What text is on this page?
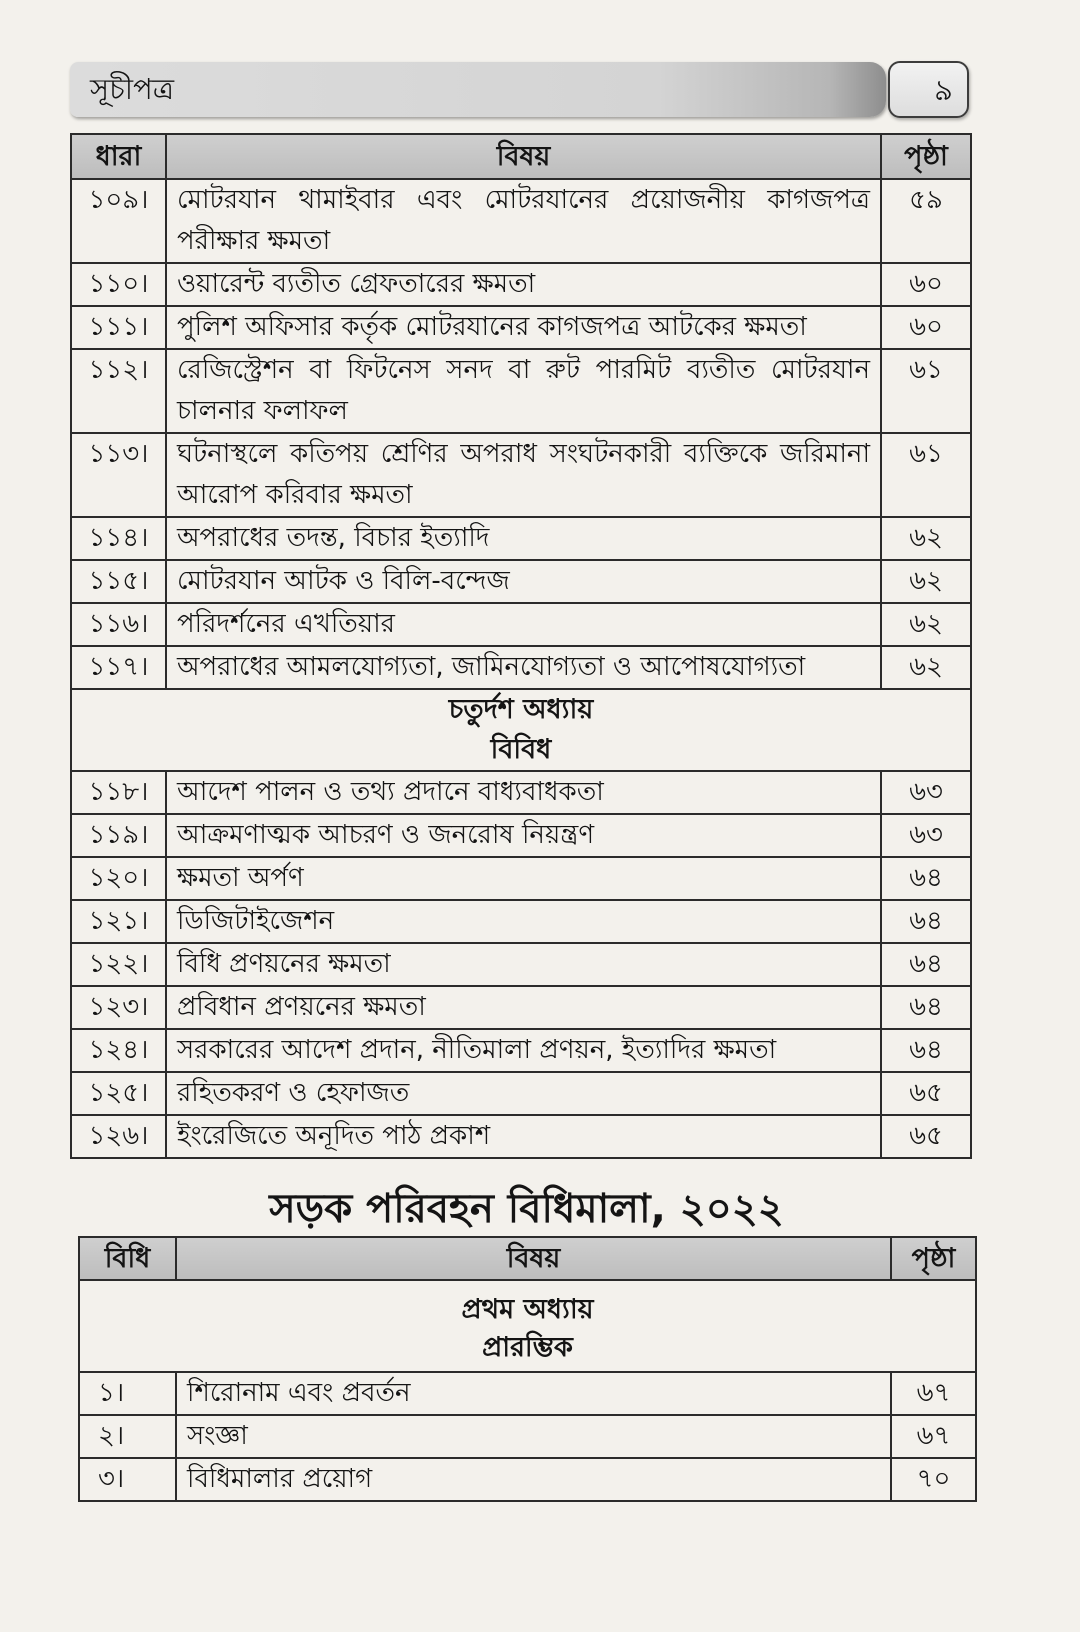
সূচীপত্র	৯
ধারা	বিষয়	পৃষ্ঠা
১০৯।	মোটরযান থামাইবার এবং মোটরযানের প্রয়োজনীয় কাগজপত্র পরীক্ষার ক্ষমতা	৫৯
১১০।	ওয়ারেন্ট ব্যতীত গ্রেফতারের ক্ষমতা	৬০
১১১।	পুলিশ অফিসার কর্তৃক মোটরযানের কাগজপত্র আটকের ক্ষমতা	৬০
১১২।	রেজিস্ট্রেশন বা ফিটনেস সনদ বা রুট পারমিট ব্যতীত মোটরযান চালনার ফলাফল	৬১
১১৩।	ঘটনাস্থলে কতিপয় শ্রেণির অপরাধ সংঘটনকারী ব্যক্তিকে জরিমানা আরোপ করিবার ক্ষমতা	৬১
১১৪।	অপরাধের তদন্ত, বিচার ইত্যাদি	৬২
১১৫।	মোটরযান আটক ও বিলি-বন্দেজ	৬২
১১৬।	পরিদর্শনের এখতিয়ার	৬২
১১৭।	অপরাধের আমলযোগ্যতা, জামিনযোগ্যতা ও আপোষযোগ্যতা	৬২

চতুর্দশ অধ্যায়
বিবিধ		

১১৮।	আদেশ পালন ও তথ্য প্রদানে বাধ্যবাধকতা	৬৩
১১৯।	আক্রমণাত্মক আচরণ ও জনরোষ নিয়ন্ত্রণ	৬৩
১২০।	ক্ষমতা অর্পণ	৬৪
১২১।	ডিজিটাইজেশন	৬৪
১২২।	বিধি প্রণয়নের ক্ষমতা	৬৪
১২৩।	প্রবিধান প্রণয়নের ক্ষমতা	৬৪
১২৪।	সরকারের আদেশ প্রদান, নীতিমালা প্রণয়ন, ইত্যাদির ক্ষমতা	৬৪
১২৫।	রহিতকরণ ও হেফাজত	৬৫
১২৬।	ইংরেজিতে অনূদিত পাঠ প্রকাশ	৬৫
সড়ক পরিবহন বিধিমালা, ২০২২
বিধি	বিষয়	পৃষ্ঠা

প্রথম অধ্যায়
প্রারম্ভিক		

১।	শিরোনাম এবং প্রবর্তন	৬৭
২।	সংজ্ঞা	৬৭
৩।	বিধিমালার প্রয়োগ	৭০
